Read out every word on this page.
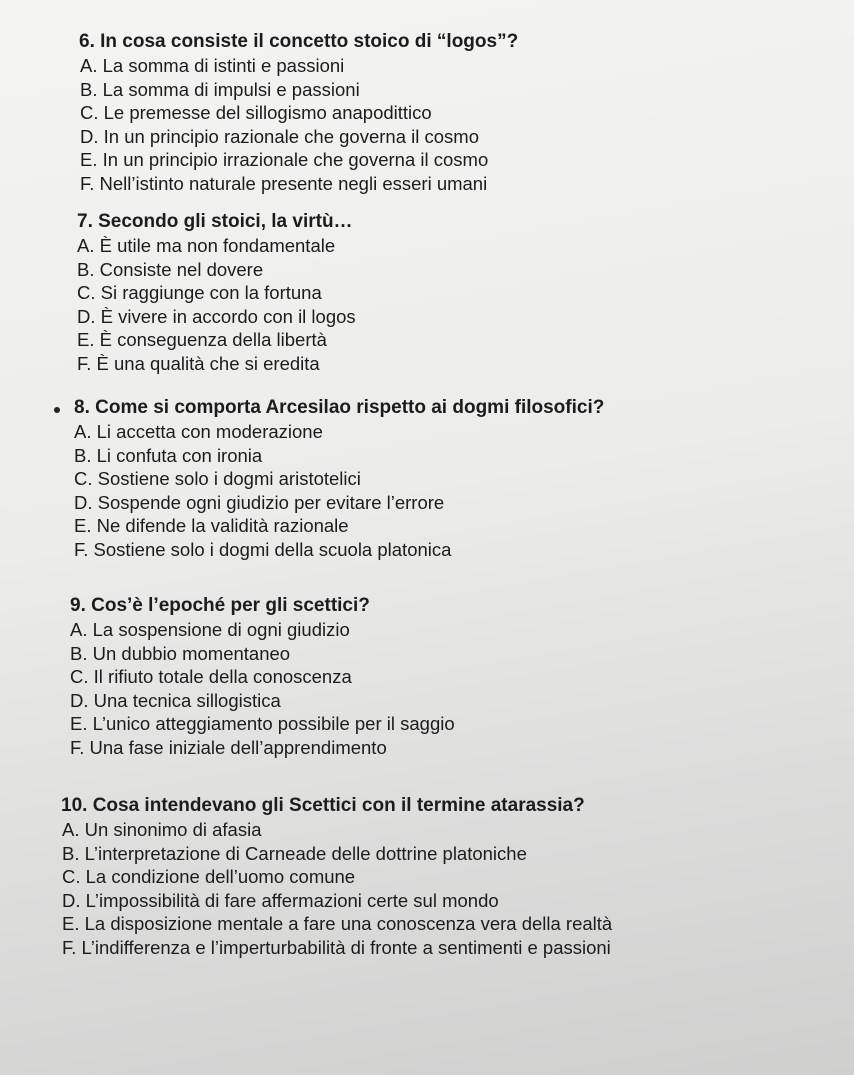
6. In cosa consiste il concetto stoico di “logos”?
A. La somma di istinti e passioni
B. La somma di impulsi e passioni
C. Le premesse del sillogismo anapodittico
D. In un principio razionale che governa il cosmo
E. In un principio irrazionale che governa il cosmo
F. Nell’istinto naturale presente negli esseri umani
7. Secondo gli stoici, la virtù…
A. È utile ma non fondamentale
B. Consiste nel dovere
C. Si raggiunge con la fortuna
D. È vivere in accordo con il logos
E. È conseguenza della libertà
F. È una qualità che si eredita
8. Come si comporta Arcesilao rispetto ai dogmi filosofici?
A. Li accetta con moderazione
B. Li confuta con ironia
C. Sostiene solo i dogmi aristotelici
D. Sospende ogni giudizio per evitare l’errore
E. Ne difende la validità razionale
F. Sostiene solo i dogmi della scuola platonica
9. Cos’è l’epoché per gli scettici?
A. La sospensione di ogni giudizio
B. Un dubbio momentaneo
C. Il rifiuto totale della conoscenza
D. Una tecnica sillogistica
E. L’unico atteggiamento possibile per il saggio
F. Una fase iniziale dell’apprendimento
10. Cosa intendevano gli Scettici con il termine atarassia?
A. Un sinonimo di afasia
B. L’interpretazione di Carneade delle dottrine platoniche
C. La condizione dell’uomo comune
D. L’impossibilità di fare affermazioni certe sul mondo
E. La disposizione mentale a fare una conoscenza vera della realtà
F. L’indifferenza e l’imperturbabilità di fronte a sentimenti e passioni
